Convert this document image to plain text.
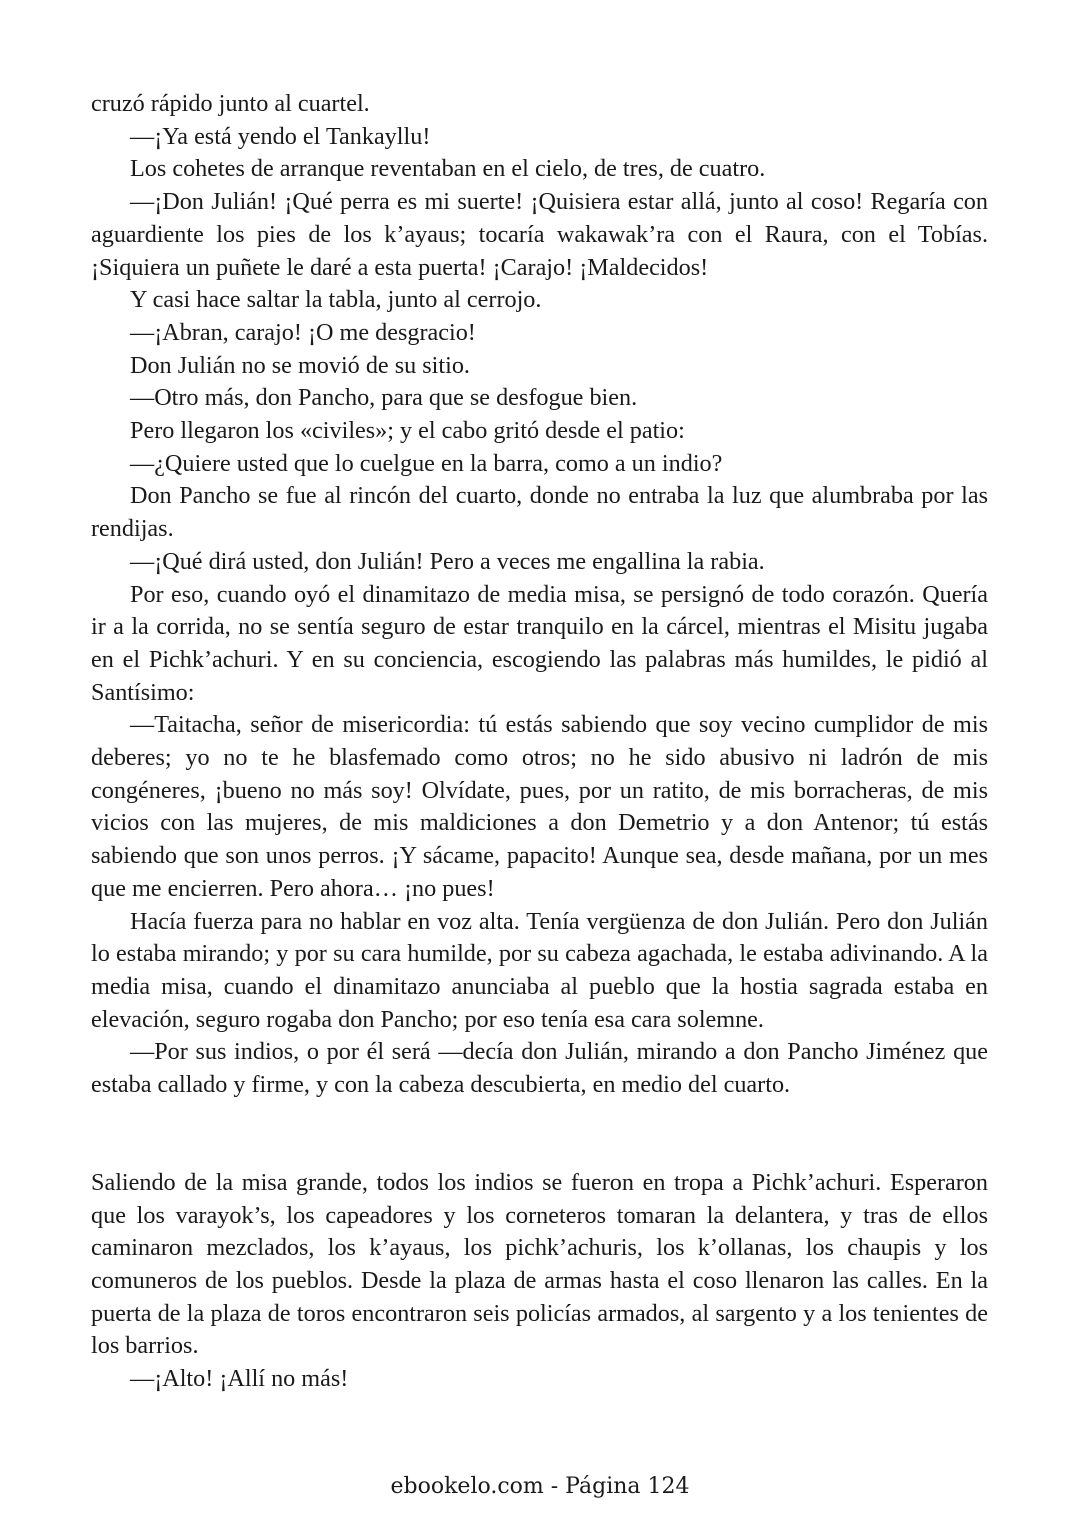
cruzó rápido junto al cuartel.

—¡Ya está yendo el Tankayllu!

Los cohetes de arranque reventaban en el cielo, de tres, de cuatro.

—¡Don Julián! ¡Qué perra es mi suerte! ¡Quisiera estar allá, junto al coso! Regaría con aguardiente los pies de los k’ayaus; tocaría wakawak’ra con el Raura, con el Tobías. ¡Siquiera un puñete le daré a esta puerta! ¡Carajo! ¡Maldecidos!

Y casi hace saltar la tabla, junto al cerrojo.

—¡Abran, carajo! ¡O me desgracio!

Don Julián no se movió de su sitio.

—Otro más, don Pancho, para que se desfogue bien.

Pero llegaron los «civiles»; y el cabo gritó desde el patio:

—¿Quiere usted que lo cuelgue en la barra, como a un indio?

Don Pancho se fue al rincón del cuarto, donde no entraba la luz que alumbraba por las rendijas.

—¡Qué dirá usted, don Julián! Pero a veces me engallina la rabia.

Por eso, cuando oyó el dinamitazo de media misa, se persignó de todo corazón. Quería ir a la corrida, no se sentía seguro de estar tranquilo en la cárcel, mientras el Misitu jugaba en el Pichk’achuri. Y en su conciencia, escogiendo las palabras más humildes, le pidió al Santísimo:

—Taitacha, señor de misericordia: tú estás sabiendo que soy vecino cumplidor de mis deberes; yo no te he blasfemado como otros; no he sido abusivo ni ladrón de mis congéneres, ¡bueno no más soy! Olvídate, pues, por un ratito, de mis borracheras, de mis vicios con las mujeres, de mis maldiciones a don Demetrio y a don Antenor; tú estás sabiendo que son unos perros. ¡Y sácame, papacito! Aunque sea, desde mañana, por un mes que me encierren. Pero ahora… ¡no pues!

Hacía fuerza para no hablar en voz alta. Tenía vergüenza de don Julián. Pero don Julián lo estaba mirando; y por su cara humilde, por su cabeza agachada, le estaba adivinando. A la media misa, cuando el dinamitazo anunciaba al pueblo que la hostia sagrada estaba en elevación, seguro rogaba don Pancho; por eso tenía esa cara solemne.

—Por sus indios, o por él será —decía don Julián, mirando a don Pancho Jiménez que estaba callado y firme, y con la cabeza descubierta, en medio del cuarto.

Saliendo de la misa grande, todos los indios se fueron en tropa a Pichk’achuri. Esperaron que los varayok’s, los capeadores y los corneteros tomaran la delantera, y tras de ellos caminaron mezclados, los k’ayaus, los pichk’achuris, los k’ollanas, los chaupis y los comuneros de los pueblos. Desde la plaza de armas hasta el coso llenaron las calles. En la puerta de la plaza de toros encontraron seis policías armados, al sargento y a los tenientes de los barrios.

—¡Alto! ¡Allí no más!

ebookelo.com - Página 124
